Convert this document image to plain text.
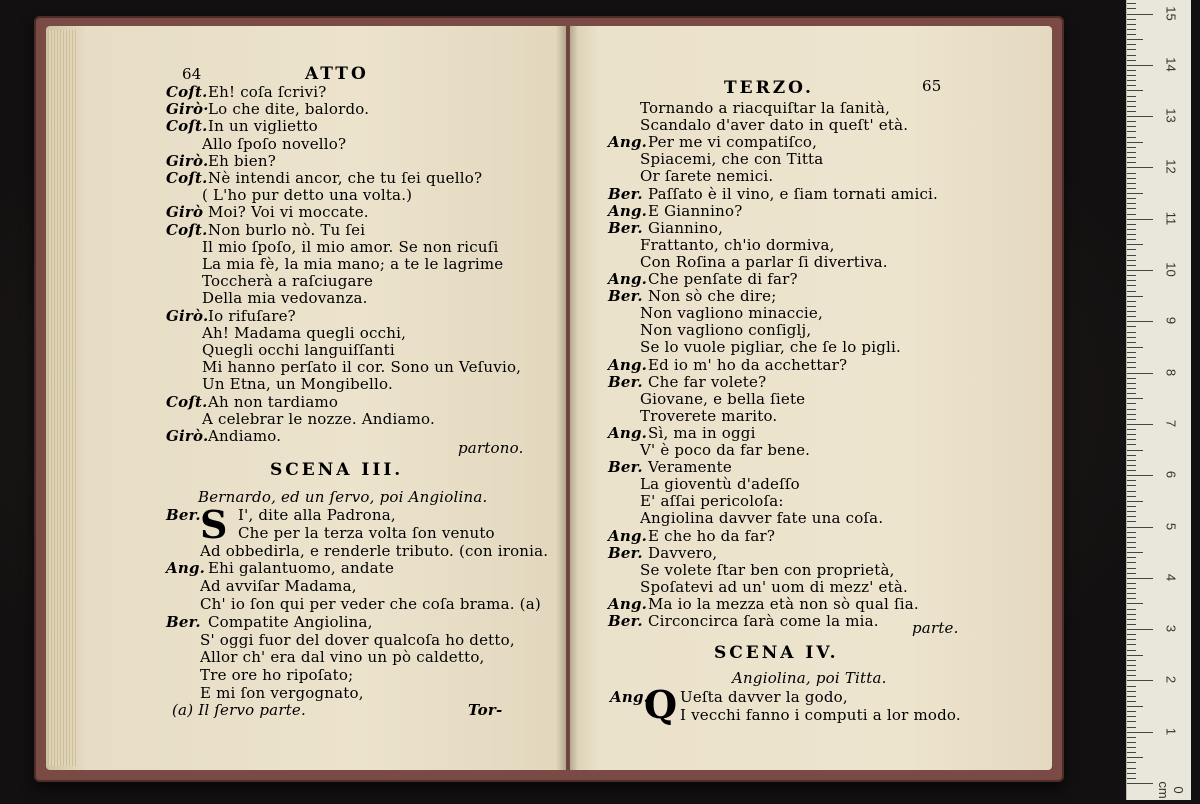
64	ATTO
Coſt. Eh! coſa ſcrivi?
Girò· Lo che dite, balordo.
Coſt. In un viglietto
Allo ſpoſo novello?
Girò. Eh bien?
Coſt. Nè intendi ancor, che tu ſei quello?
( L'ho pur detto una volta.)
Girò Moi? Voi vi moccate.
Coſt. Non burlo nò. Tu ſei
Il mio ſpoſo, il mio amor. Se non ricuſi
La mia fè, la mia mano; a te le lagrime
Toccherà a raſciugare
Della mia vedovanza.
Girò. Io rifuſare?
Ah! Madama quegli occhi,
Quegli occhi languiſſanti
Mi hanno perſato il cor. Sono un Veſuvio,
Un Etna, un Mongibello.
Coſt. Ah non tardiamo
A celebrar le nozze. Andiamo.
Girò. Andiamo.
partono.
SCENA III.
Bernardo, ed un ſervo, poi Angiolina.
Ber. I', dite alla Padrona,
Che per la terza volta ſon venuto
Ad obbedirla, e renderle tributo. (con ironia.
Ang. Ehi galantuomo, andate
Ad avviſar Madama,
Ch' io ſon qui per veder che coſa brama. (a)
Ber. Compatite Angiolina,
S' oggi fuor del dover qualcoſa ho detto,
Allor ch' era dal vino un pò caldetto,
Tre ore ho ripoſato;
E mi ſon vergognato,
S
(a) Il ſervo parte.	Tor-
TERZO.	65
Tornando a riacquiſtar la ſanità,
Scandalo d'aver dato in queſt' età.
Ang. Per me vi compatiſco,
Spiacemi, che con Titta
Or ſarete nemici.
Ber. Paſſato è il vino, e ſiam tornati amici.
Ang. E Giannino?
Ber. Giannino,
Frattanto, ch'io dormiva,
Con Roſina a parlar ſi divertiva.
Ang. Che penſate di far?
Ber. Non sò che dire;
Non vagliono minaccie,
Non vagliono conſiglj,
Se lo vuole pigliar, che ſe lo pigli.
Ang. Ed io m' ho da acchettar?
Ber. Che far volete?
Giovane, e bella ſiete
Troverete marito.
Ang. Sì, ma in oggi
V' è poco da far bene.
Ber. Veramente
La gioventù d'adeſſo
E' aſſai pericoloſa:
Angiolina davver fate una coſa.
Ang. E che ho da far?
Ber. Davvero,
Se volete ſtar ben con proprietà,
Spoſatevi ad un' uom di mezz' età.
Ang. Ma io la mezza età non sò qual ſia.
Ber. Circoncirca ſarà come la mia. parte.
SCENA IV.
Angiolina, poi Titta.
Ang. Ueſta davver la godo,
I vecchi fanno i computi a lor modo.
Q
0 cm
1
2
3
4
5
6
7
8
9
10
11
12
13
14
15
